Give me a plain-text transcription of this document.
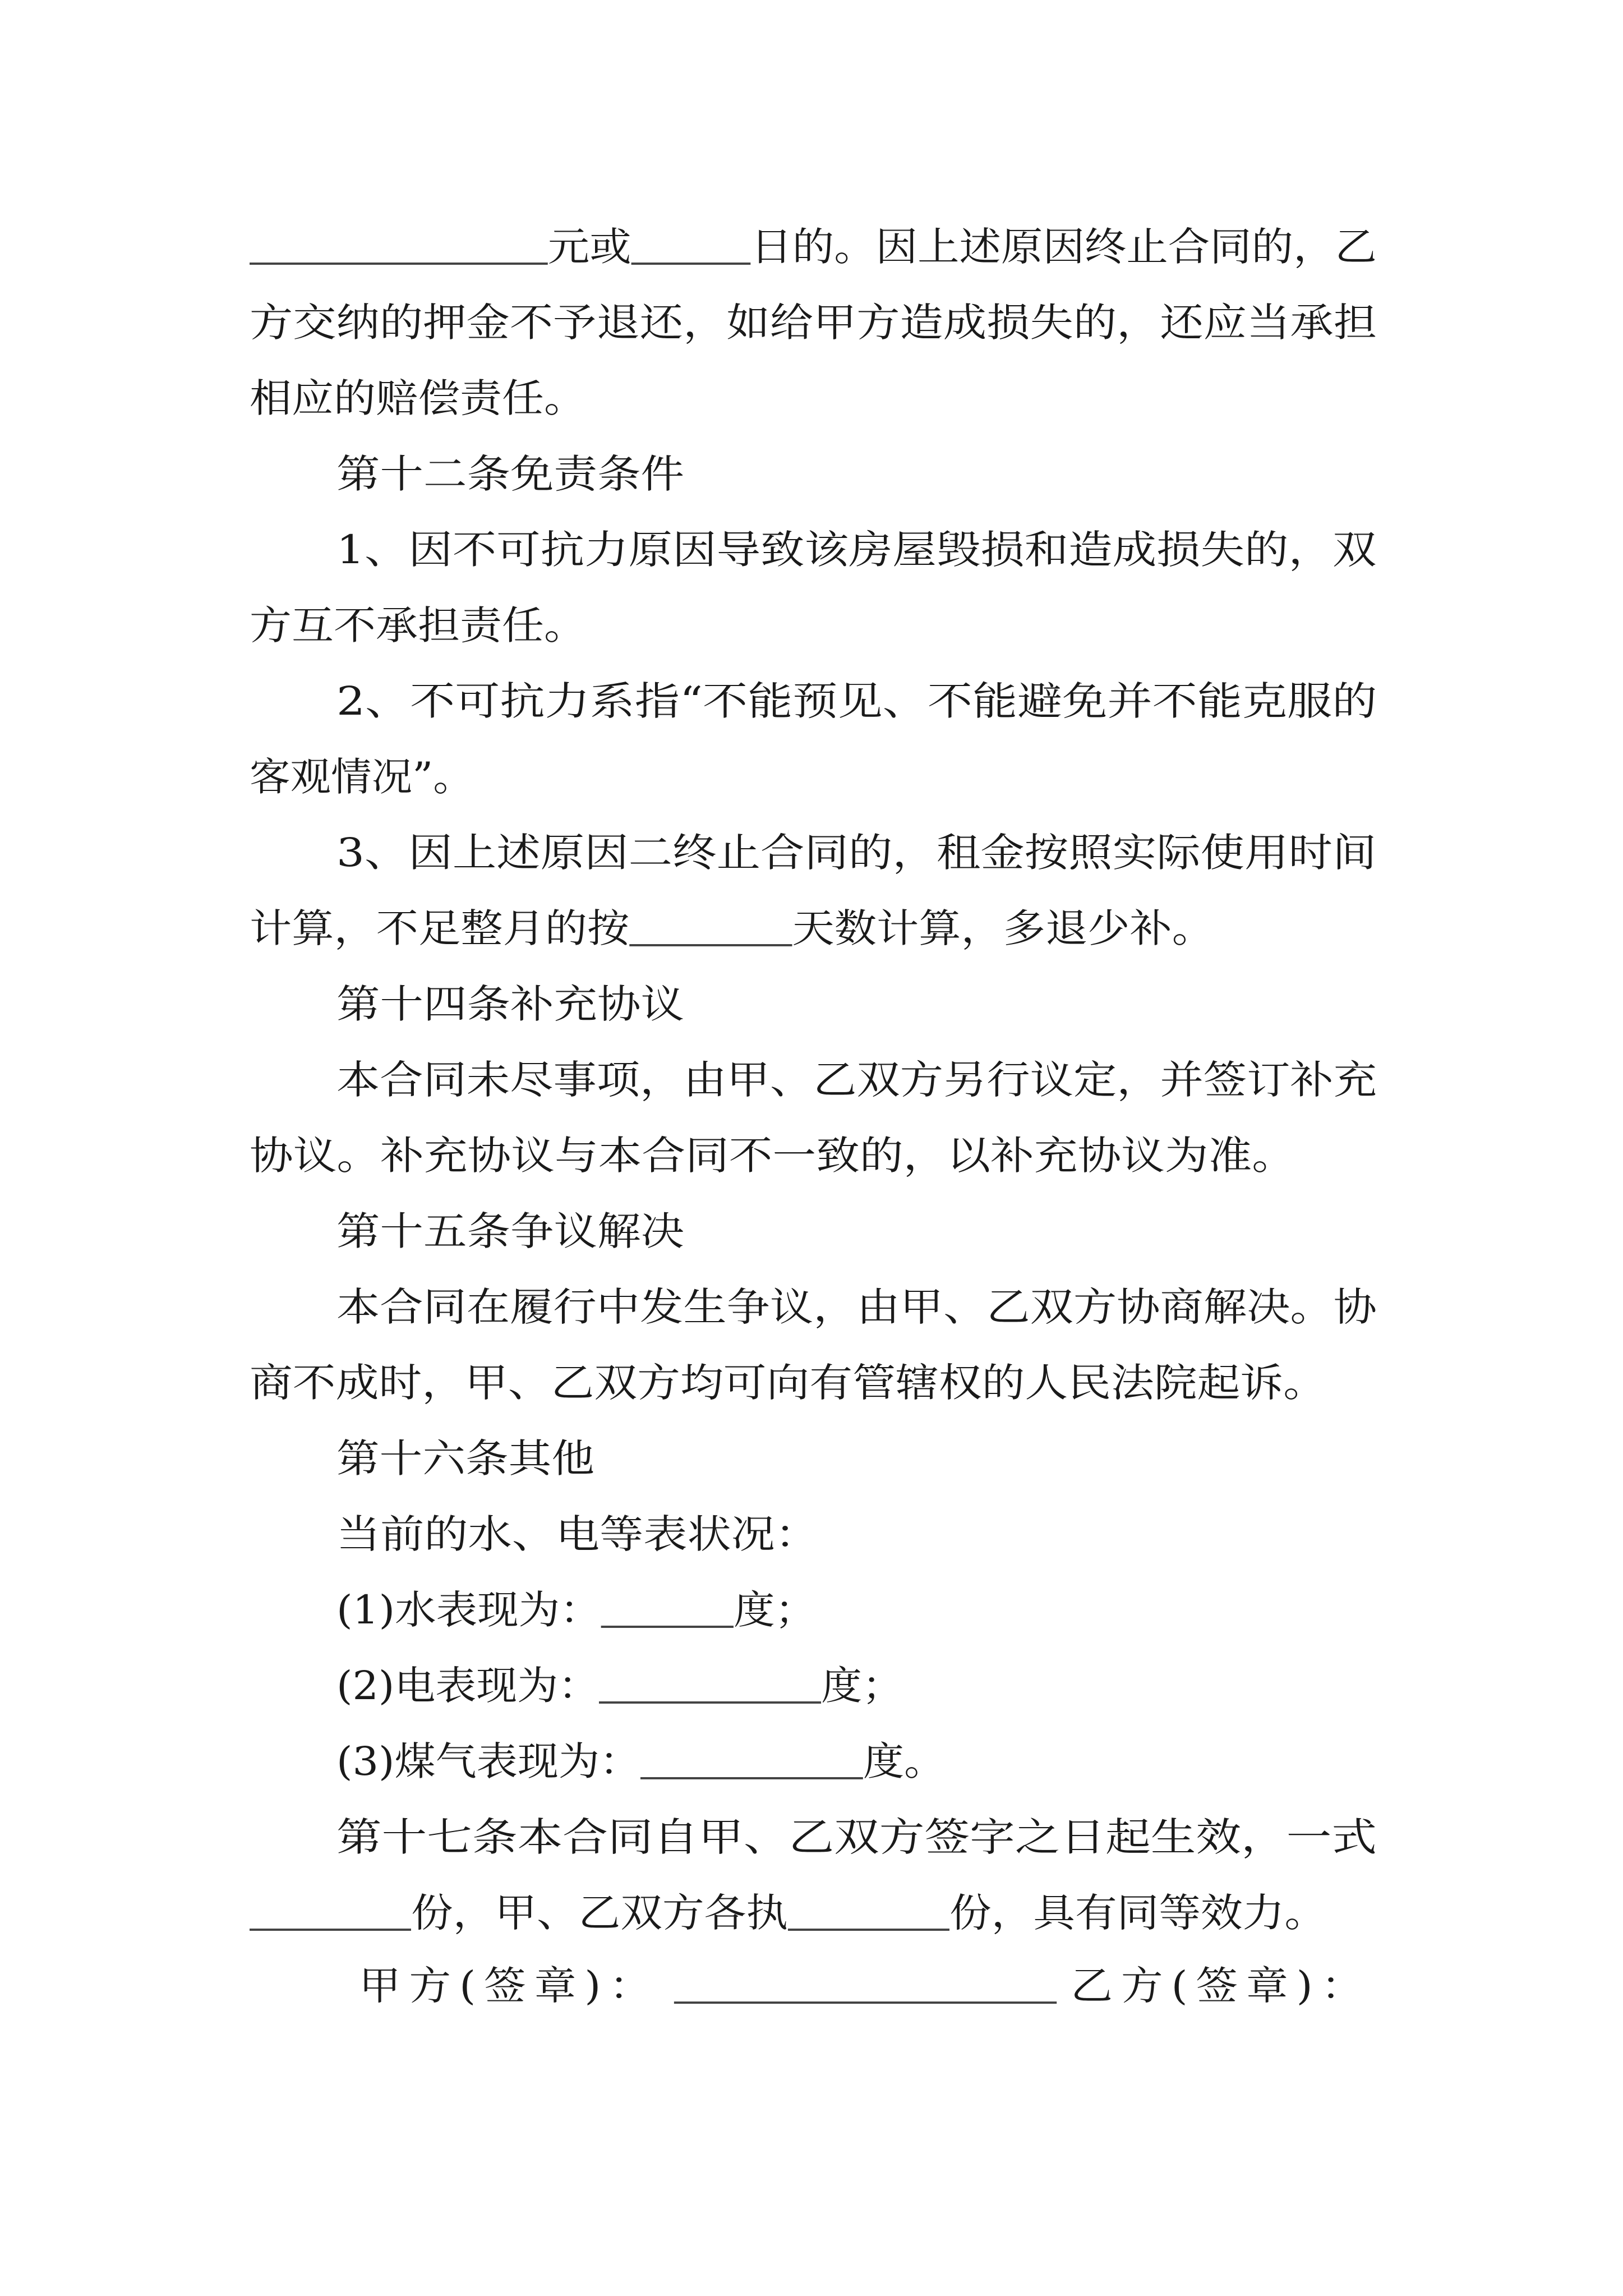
元或	日的。因上述原因终止合同的，乙
方交纳的押金不予退还，如给甲方造成损失的，还应当承担
相应的赔偿责任。
第十二条免责条件
1、因不可抗力原因导致该房屋毁损和造成损失的，双
方互不承担责任。
2、不可抗力系指“不能预见、不能避免并不能克服的
客观情况”。
3、因上述原因二终止合同的，租金按照实际使用时间
计算，不足整月的按	天数计算，多退少补。
第十四条补充协议
本合同未尽事项，由甲、乙双方另行议定，并签订补充
协议。补充协议与本合同不一致的，以补充协议为准。
第十五条争议解决
本合同在履行中发生争议，由甲、乙双方协商解决。协
商不成时，甲、乙双方均可向有管辖权的人民法院起诉。
第十六条其他
当前的水、电等表状况：
(1)水表现为：	度；
(2)电表现为：	度；
(3)煤气表现为：	度。
第十七条本合同自甲、乙双方签字之日起生效，一式
份，甲、乙双方各执	份，具有同等效力。
甲方(签章)：	乙方(签章)：
